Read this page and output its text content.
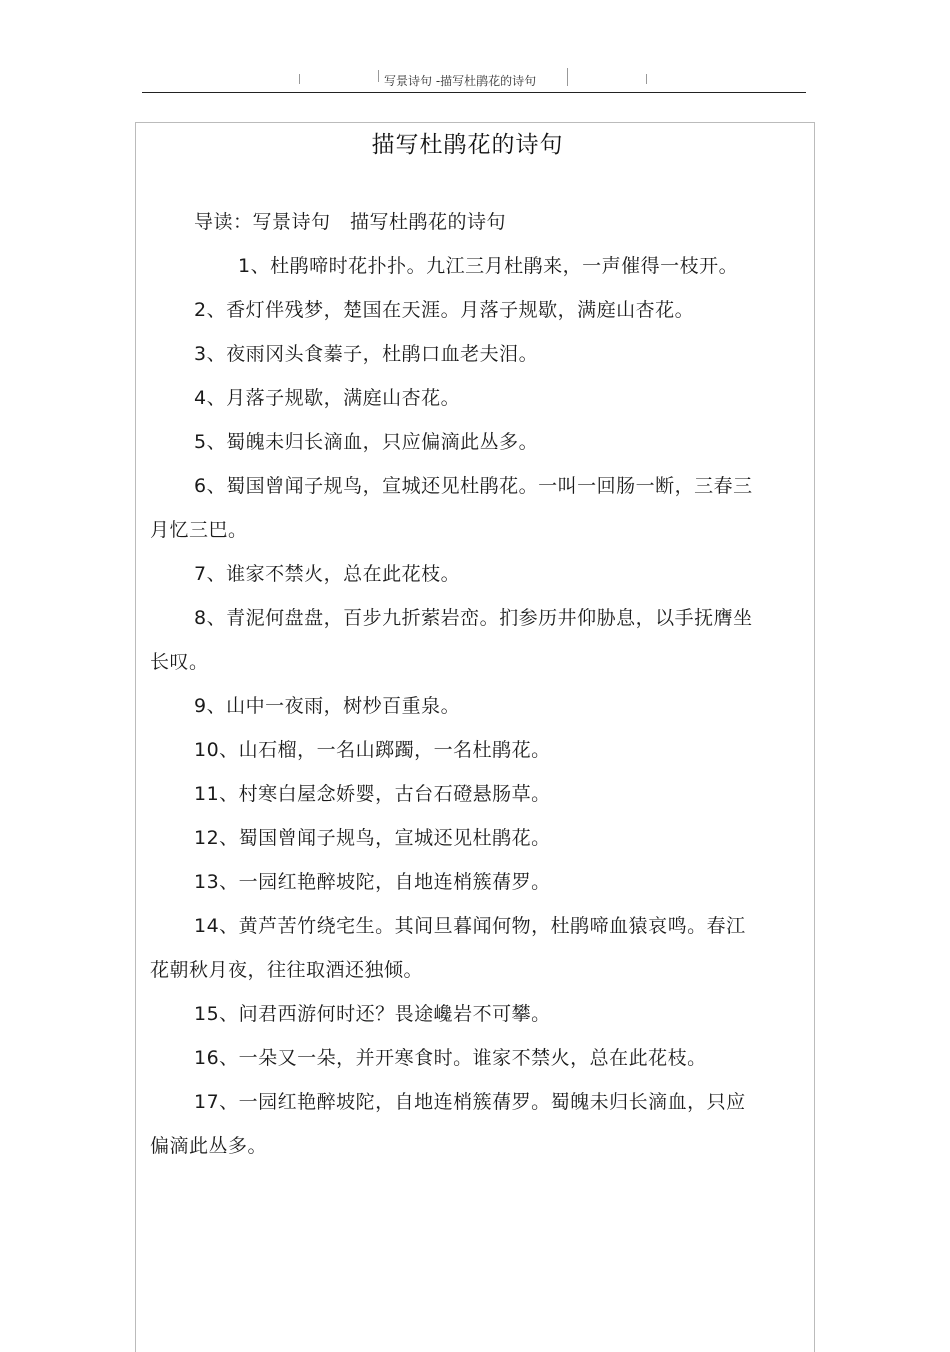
写景诗句 -描写杜鹃花的诗句
描写杜鹃花的诗句

导读：写景诗句　描写杜鹃花的诗句

1、杜鹃啼时花扑扑。九江三月杜鹃来，一声催得一枝开。

2、香灯伴残梦，楚国在天涯。月落子规歇，满庭山杏花。

3、夜雨冈头食蓁子，杜鹃口血老夫泪。

4、月落子规歇，满庭山杏花。

5、蜀魄未归长滴血，只应偏滴此丛多。

6、蜀国曾闻子规鸟，宣城还见杜鹃花。一叫一回肠一断，三春三月忆三巴。

7、谁家不禁火，总在此花枝。

8、青泥何盘盘，百步九折萦岩峦。扪参历井仰胁息，以手抚膺坐长叹。

9、山中一夜雨，树杪百重泉。

10、山石榴，一名山踯躅，一名杜鹃花。

11、村寒白屋念娇婴，古台石磴悬肠草。

12、蜀国曾闻子规鸟，宣城还见杜鹃花。

13、一园红艳醉坡陀，自地连梢簇蒨罗。

14、黄芦苦竹绕宅生。其间旦暮闻何物，杜鹃啼血猿哀鸣。春江花朝秋月夜，往往取酒还独倾。

15、问君西游何时还？畏途巉岩不可攀。

16、一朵又一朵，并开寒食时。谁家不禁火，总在此花枝。

17、一园红艳醉坡陀，自地连梢簇蒨罗。蜀魄未归长滴血，只应偏滴此丛多。
